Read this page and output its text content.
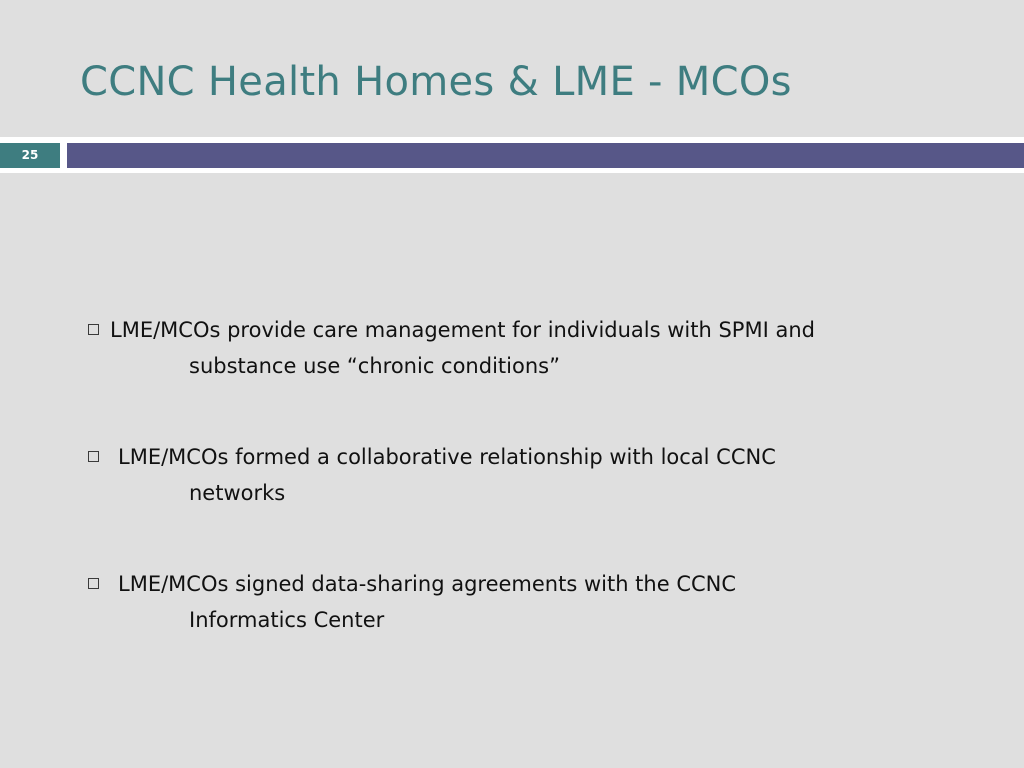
CCNC Health Homes & LME - MCOs
25
LME/MCOs provide care management for individuals with SPMI and
substance use “chronic conditions”
LME/MCOs formed a collaborative relationship with local CCNC
networks
LME/MCOs signed data-sharing agreements with the CCNC
Informatics Center
